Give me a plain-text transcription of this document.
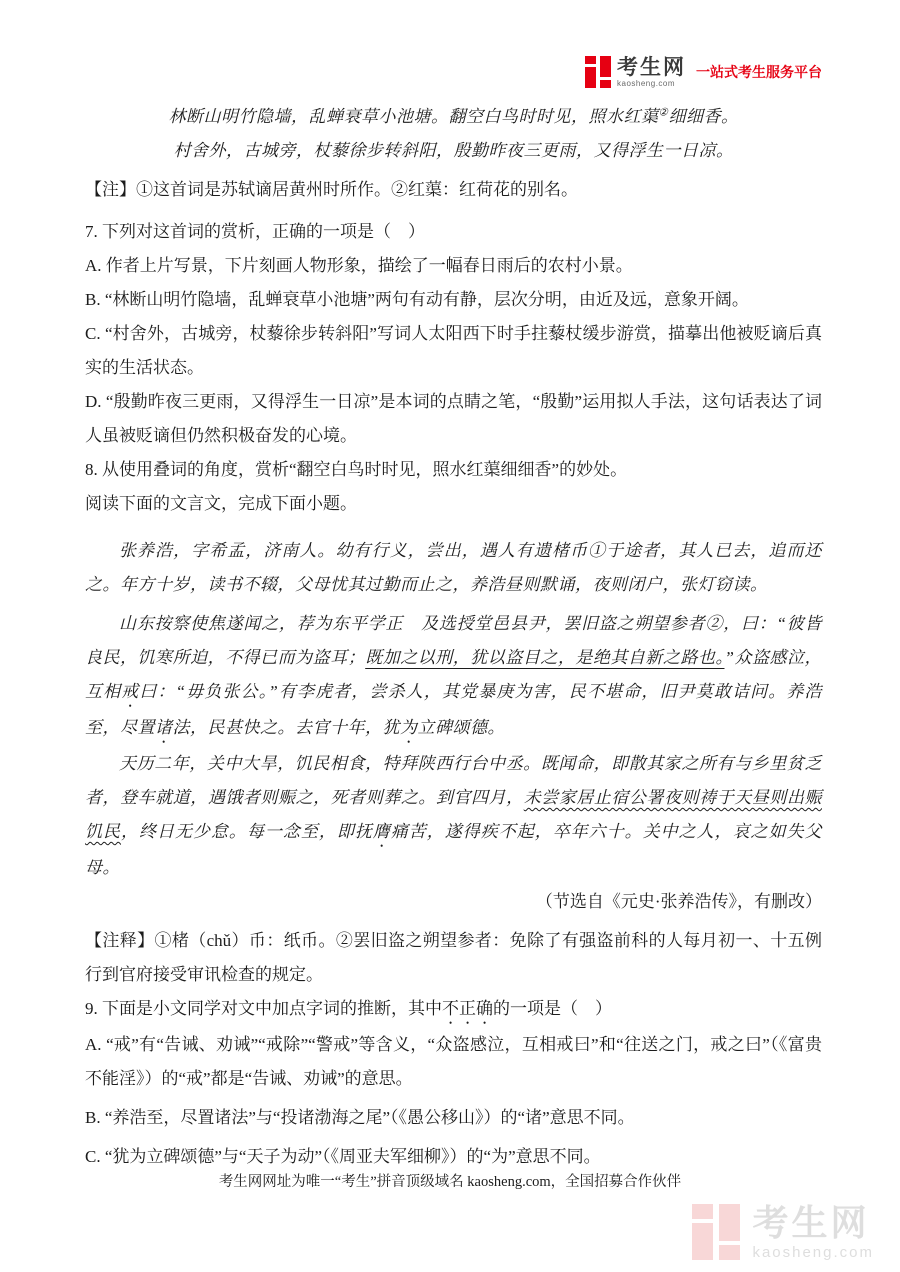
考生网
kaosheng.com
一站式考生服务平台

林断山明竹隐墙，乱蝉衰草小池塘。翻空白鸟时时见，照水红蕖②细细香。

村舍外，古城旁，杖藜徐步转斜阳，殷勤昨夜三更雨，又得浮生一日凉。

【注】①这首词是苏轼谪居黄州时所作。②红蕖：红荷花的别名。

7. 下列对这首词的赏析，正确的一项是（　）

A. 作者上片写景，下片刻画人物形象，描绘了一幅春日雨后的农村小景。

B. “林断山明竹隐墙，乱蝉衰草小池塘”两句有动有静，层次分明，由近及远，意象开阔。

C. “村舍外，古城旁，杖藜徐步转斜阳”写词人太阳西下时手拄藜杖缓步游赏，描摹出他被贬谪后真实的生活状态。

D. “殷勤昨夜三更雨，又得浮生一日凉”是本词的点睛之笔，“殷勤”运用拟人手法，这句话表达了词人虽被贬谪但仍然积极奋发的心境。

8. 从使用叠词的角度，赏析“翻空白鸟时时见，照水红蕖细细香”的妙处。

阅读下面的文言文，完成下面小题。

张养浩，字希孟，济南人。幼有行义，尝出，遇人有遗楮币①于途者，其人已去，追而还之。年方十岁，读书不辍，父母忧其过勤而止之，养浩昼则默诵，夜则闭户，张灯窃读。

山东按察使焦遂闻之，荐为东平学正　及选授堂邑县尹，罢旧盗之朔望参者②，曰：“彼皆良民，饥寒所迫，不得已而为盗耳；既加之以刑，犹以盗目之，是绝其自新之路也。”众盗感泣，互相戒曰：“毋负张公。”有李虎者，尝杀人，其党暴庚为害，民不堪命，旧尹莫敢诘问。养浩至，尽置诸法，民甚快之。去官十年，犹为立碑颂德。

天历二年，关中大旱，饥民相食，特拜陕西行台中丞。既闻命，即散其家之所有与乡里贫乏者，登车就道，遇饿者则赈之，死者则葬之。到官四月，未尝家居止宿公署夜则祷于天昼则出赈饥民，终日无少怠。每一念至，即抚膺痛苦，遂得疾不起，卒年六十。关中之人，哀之如失父母。

（节选自《元史·张养浩传》，有删改）

【注释】①楮（chǔ）币：纸币。②罢旧盗之朔望参者：免除了有强盗前科的人每月初一、十五例行到官府接受审讯检查的规定。

9. 下面是小文同学对文中加点字词的推断，其中不正确的一项是（　）

A. “戒”有“告诫、劝诫”“戒除”“警戒”等含义，“众盗感泣，互相戒曰”和“往送之门，戒之曰”（《富贵不能淫》）的“戒”都是“告诫、劝诫”的意思。

B. “养浩至，尽置诸法”与“投诸渤海之尾”（《愚公移山》）的“诸”意思不同。

C. “犹为立碑颂德”与“天子为动”（《周亚夫军细柳》）的“为”意思不同。

考生网网址为唯一“考生”拼音顶级域名 kaosheng.com，全国招募合作伙伴
考生网
kaosheng.com
